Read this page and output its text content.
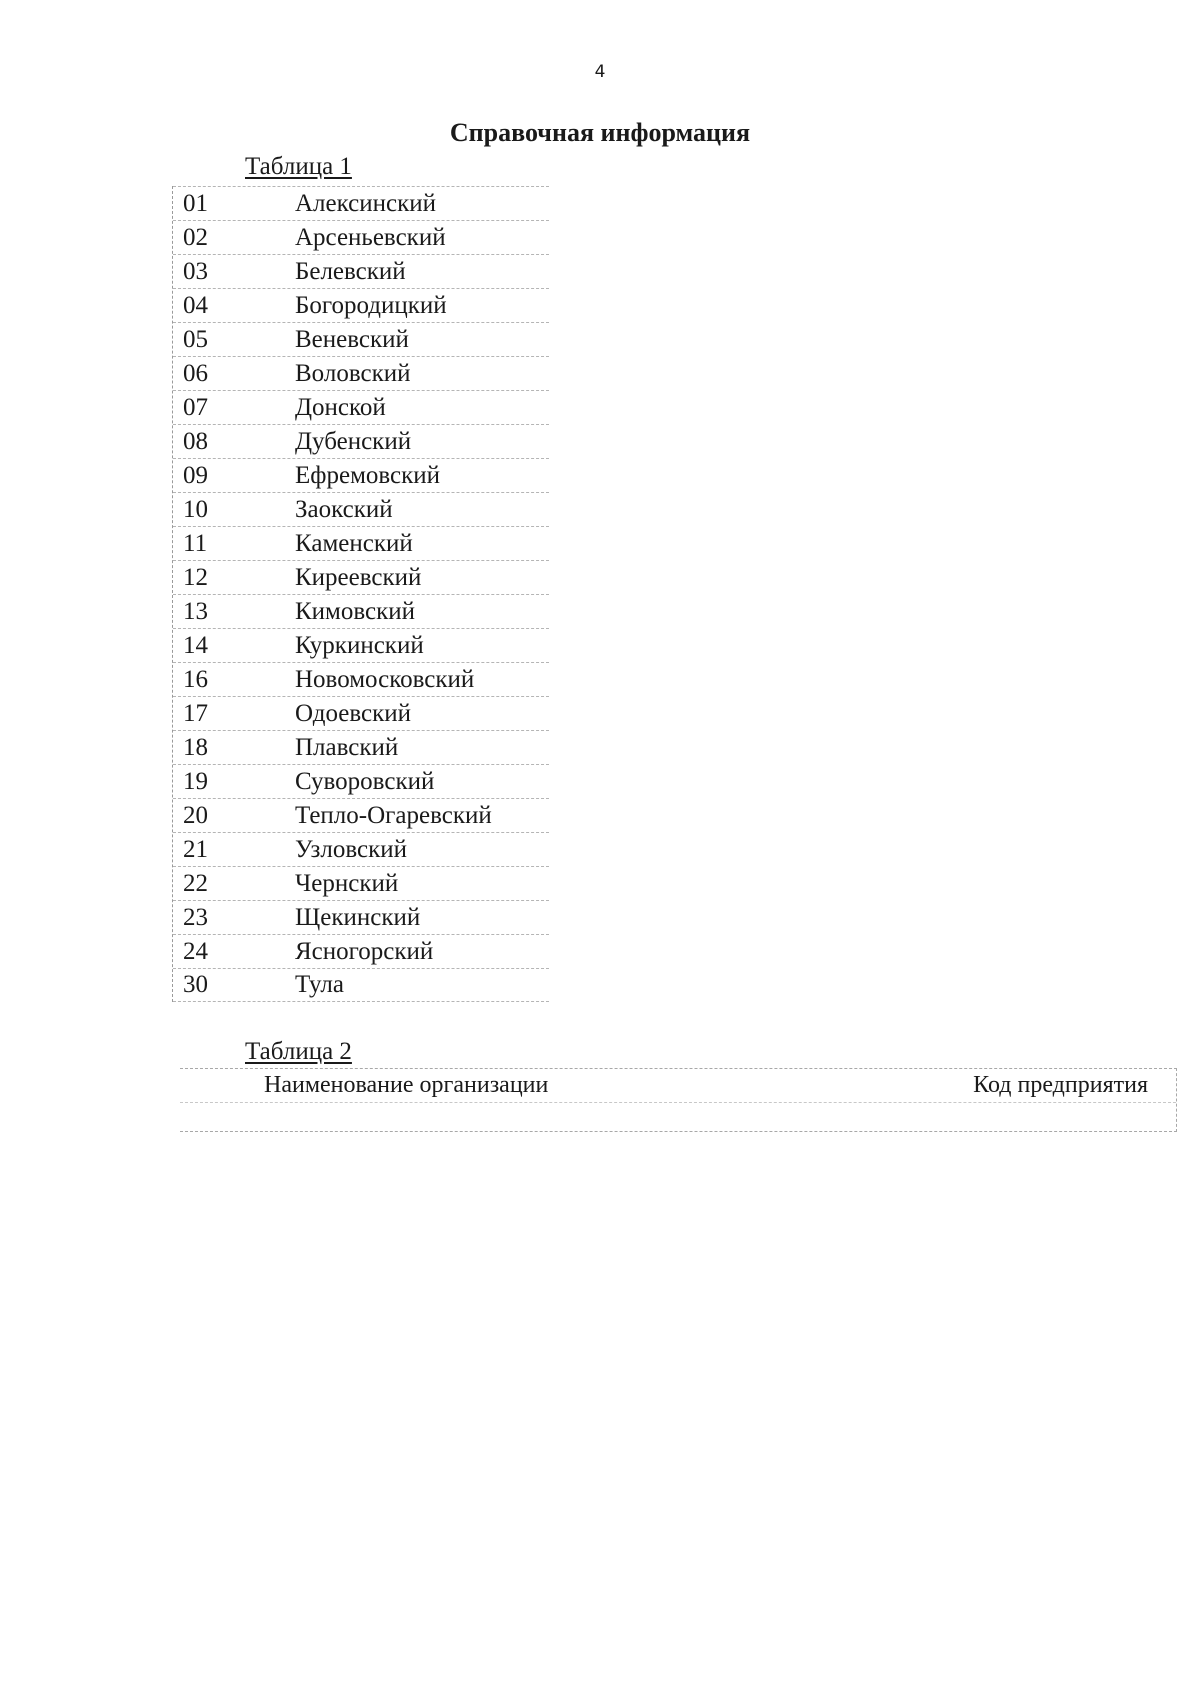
4
Справочная информация
Таблица 1
01	Алексинский
02	Арсеньевский
03	Белевский
04	Богородицкий
05	Веневский
06	Воловский
07	Донской
08	Дубенский
09	Ефремовский
10	Заокский
11	Каменский
12	Киреевский
13	Кимовский
14	Куркинский
16	Новомосковский
17	Одоевский
18	Плавский
19	Суворовский
20	Тепло-Огаревский
21	Узловский
22	Чернский
23	Щекинский
24	Ясногорский
30	Тула
Таблица 2
Наименование организации	Код предприятия
